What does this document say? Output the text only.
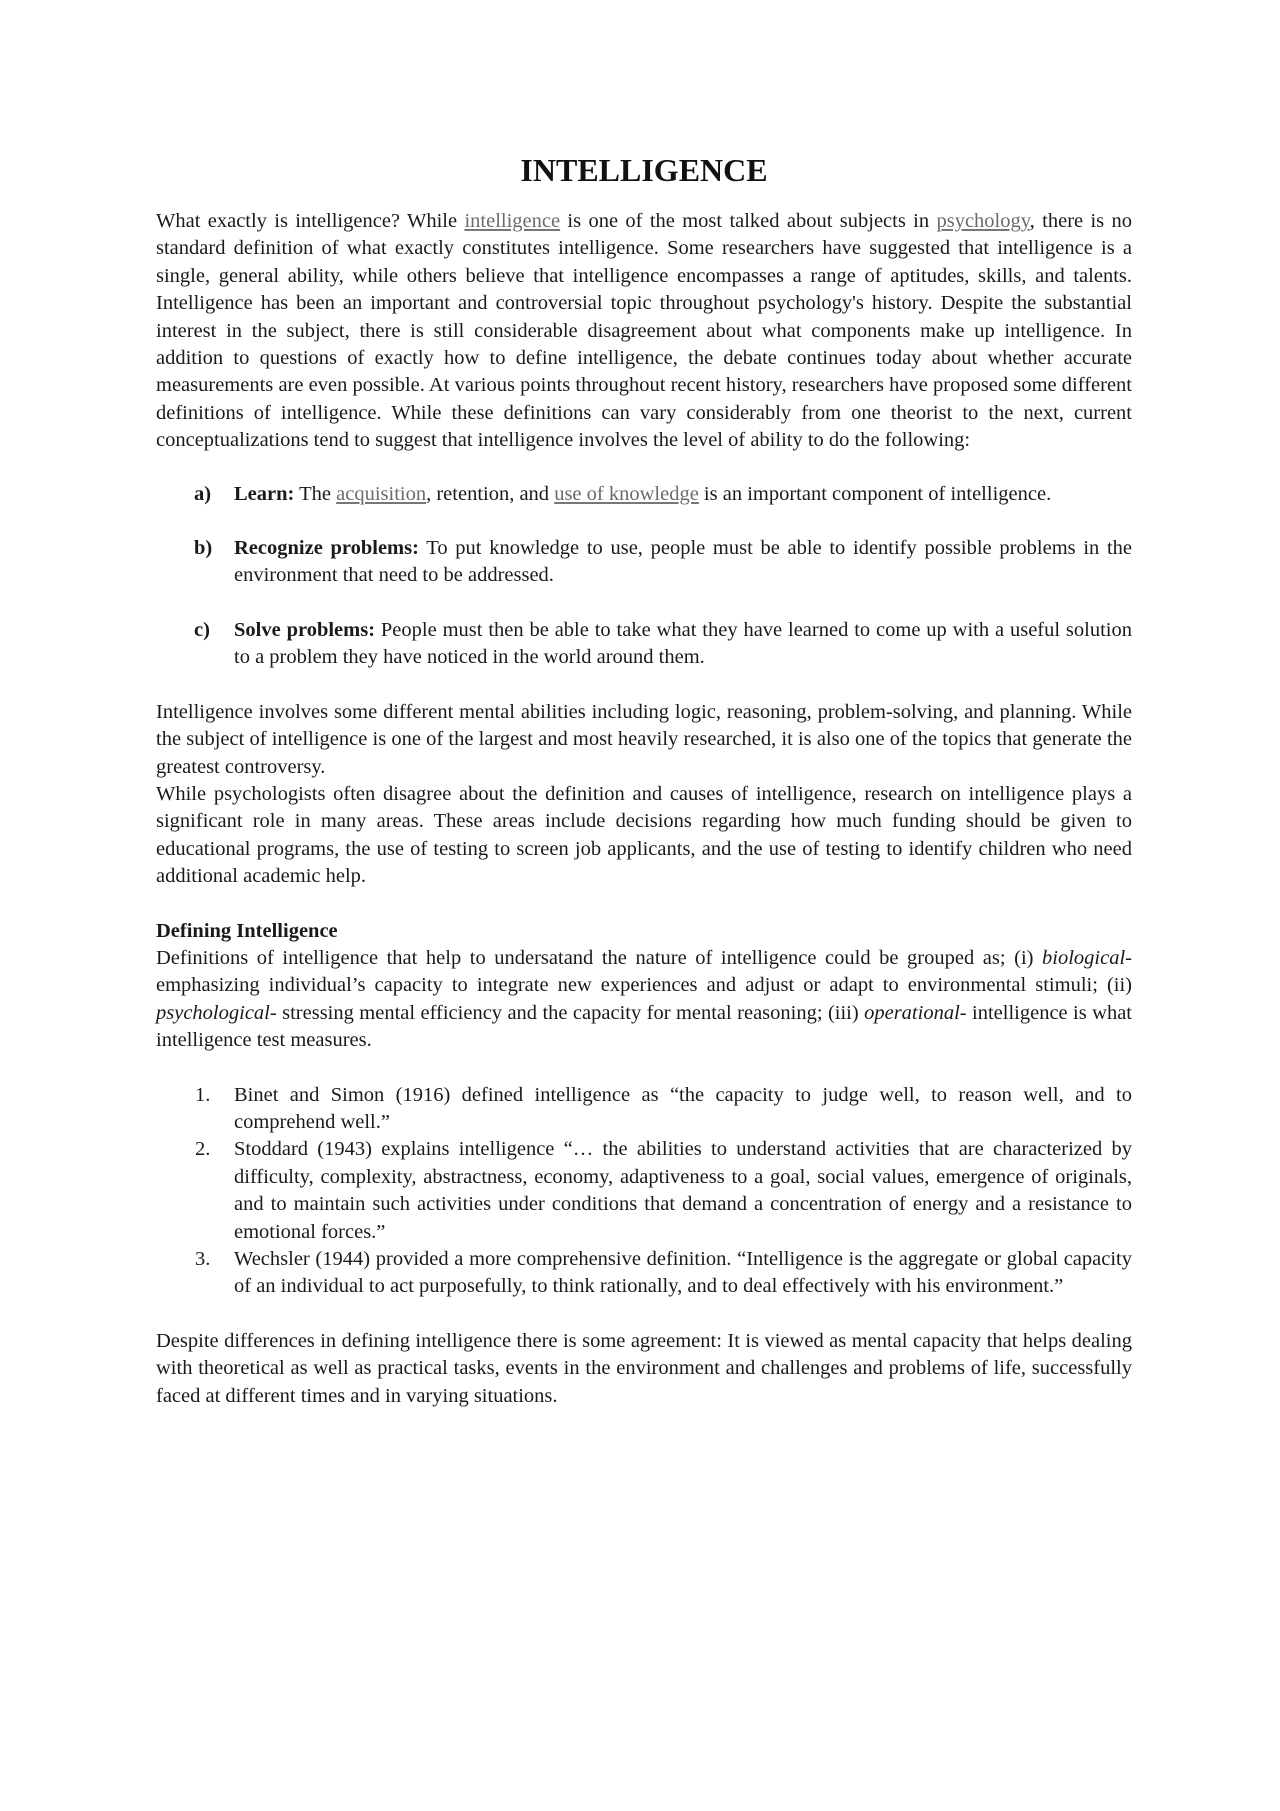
INTELLIGENCE

What exactly is intelligence? While intelligence is one of the most talked about subjects in psychology, there is no standard definition of what exactly constitutes intelligence. Some researchers have suggested that intelligence is a single, general ability, while others believe that intelligence encompasses a range of aptitudes, skills, and talents. Intelligence has been an important and controversial topic throughout psychology's history. Despite the substantial interest in the subject, there is still considerable disagreement about what components make up intelligence. In addition to questions of exactly how to define intelligence, the debate continues today about whether accurate measurements are even possible. At various points throughout recent history, researchers have proposed some different definitions of intelligence. While these definitions can vary considerably from one theorist to the next, current conceptualizations tend to suggest that intelligence involves the level of ability to do the following:

a) Learn: The acquisition, retention, and use of knowledge is an important component of intelligence.
b) Recognize problems: To put knowledge to use, people must be able to identify possible problems in the environment that need to be addressed.
c) Solve problems: People must then be able to take what they have learned to come up with a useful solution to a problem they have noticed in the world around them.

Intelligence involves some different mental abilities including logic, reasoning, problem-solving, and planning. While the subject of intelligence is one of the largest and most heavily researched, it is also one of the topics that generate the greatest controversy.

While psychologists often disagree about the definition and causes of intelligence, research on intelligence plays a significant role in many areas. These areas include decisions regarding how much funding should be given to educational programs, the use of testing to screen job applicants, and the use of testing to identify children who need additional academic help.

Defining Intelligence

Definitions of intelligence that help to undersatand the nature of intelligence could be grouped as; (i) biological- emphasizing individual’s capacity to integrate new experiences and adjust or adapt to environmental stimuli; (ii) psychological- stressing mental efficiency and the capacity for mental reasoning; (iii) operational- intelligence is what intelligence test measures.

1. Binet and Simon (1916) defined intelligence as “the capacity to judge well, to reason well, and to comprehend well.”
2. Stoddard (1943) explains intelligence “… the abilities to understand activities that are characterized by difficulty, complexity, abstractness, economy, adaptiveness to a goal, social values, emergence of originals, and to maintain such activities under conditions that demand a concentration of energy and a resistance to emotional forces.”
3. Wechsler (1944) provided a more comprehensive definition. “Intelligence is the aggregate or global capacity of an individual to act purposefully, to think rationally, and to deal effectively with his environment.”

Despite differences in defining intelligence there is some agreement: It is viewed as mental capacity that helps dealing with theoretical as well as practical tasks, events in the environment and challenges and problems of life, successfully faced at different times and in varying situations.
